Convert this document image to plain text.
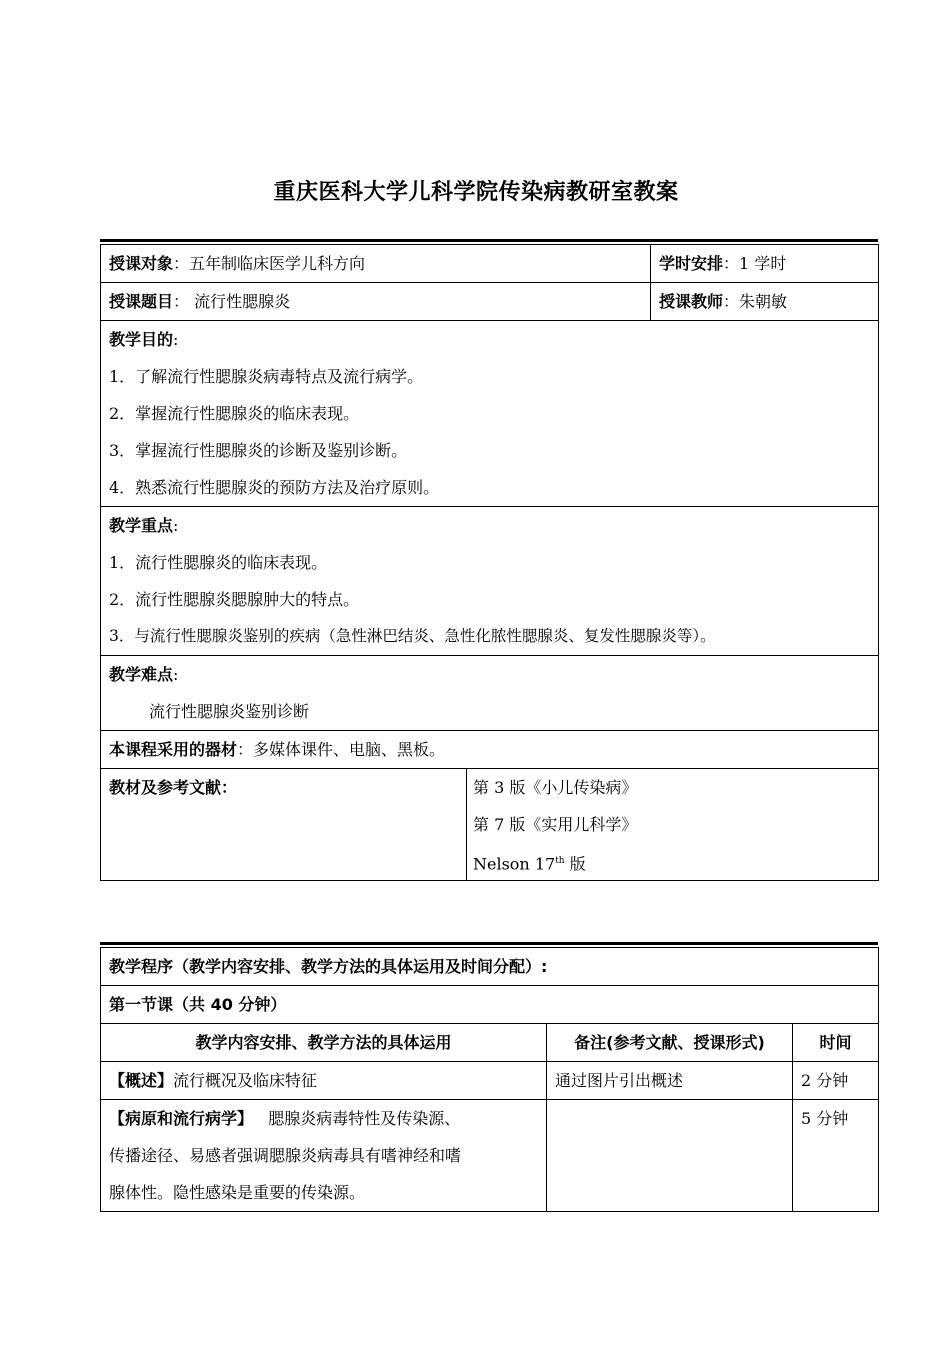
重庆医科大学儿科学院传染病教研室教案
授课对象：五年制临床医学儿科方向		学时安排：1 学时
授课题目： 流行性腮腺炎		授课教师：朱朝敏

教学目的:
1．了解流行性腮腺炎病毒特点及流行病学。
2．掌握流行性腮腺炎的临床表现。
3．掌握流行性腮腺炎的诊断及鉴别诊断。
4．熟悉流行性腮腺炎的预防方法及治疗原则。		

教学重点:
1．流行性腮腺炎的临床表现。
2．流行性腮腺炎腮腺肿大的特点。
3．与流行性腮腺炎鉴别的疾病（急性淋巴结炎、急性化脓性腮腺炎、复发性腮腺炎等）。		

教学难点:
流行性腮腺炎鉴别诊断		

本课程采用的器材：多媒体课件、电脑、黑板。		

教材及参考文献：	第 3 版《小儿传染病》
第 7 版《实用儿科学》
Nelson 17th 版	
教学程序（教学内容安排、教学方法的具体运用及时间分配）:		
第一节课（共 40 分钟）		
教学内容安排、教学方法的具体运用	备注(参考文献、授课形式)	时间
【概述】流行概况及临床特征	通过图片引出概述	2 分钟

【病原和流行病学】 腮腺炎病毒特性及传染源、
传播途径、易感者强调腮腺炎病毒具有嗜神经和嗜
腺体性。隐性感染是重要的传染源。		5 分钟
